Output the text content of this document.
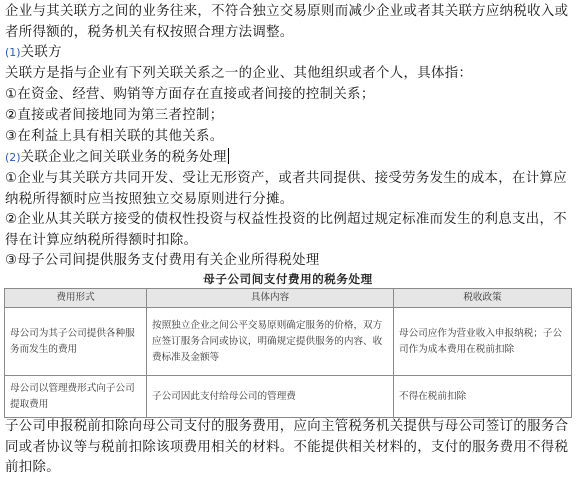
企业与其关联方之间的业务往来，不符合独立交易原则而减少企业或者其关联方应纳税收入或者所得额的，税务机关有权按照合理方法调整。
(1)关联方
关联方是指与企业有下列关联关系之一的企业、其他组织或者个人，具体指：
①在资金、经营、购销等方面存在直接或者间接的控制关系；
②直接或者间接地同为第三者控制；
③在利益上具有相关联的其他关系。
(2)关联企业之间关联业务的税务处理
①企业与其关联方共同开发、受让无形资产，或者共同提供、接受劳务发生的成本，在计算应纳税所得额时应当按照独立交易原则进行分摊。
②企业从其关联方接受的债权性投资与权益性投资的比例超过规定标准而发生的利息支出，不得在计算应纳税所得额时扣除。
③母子公司间提供服务支付费用有关企业所得税处理
母子公司间支付费用的税务处理
费用形式	具体内容	税收政策
母公司为其子公司提供各种服务而发生的费用	按照独立企业之间公平交易原则确定服务的价格，双方应签订服务合同或协议，明确规定提供服务的内容、收费标准及金额等	母公司应作为营业收入申报纳税；子公司作为成本费用在税前扣除
母公司以管理费形式向子公司提取费用	子公司因此支付给母公司的管理费	不得在税前扣除
子公司申报税前扣除向母公司支付的服务费用，应向主管税务机关提供与母公司签订的服务合同或者协议等与税前扣除该项费用相关的材料。不能提供相关材料的，支付的服务费用不得税前扣除。
